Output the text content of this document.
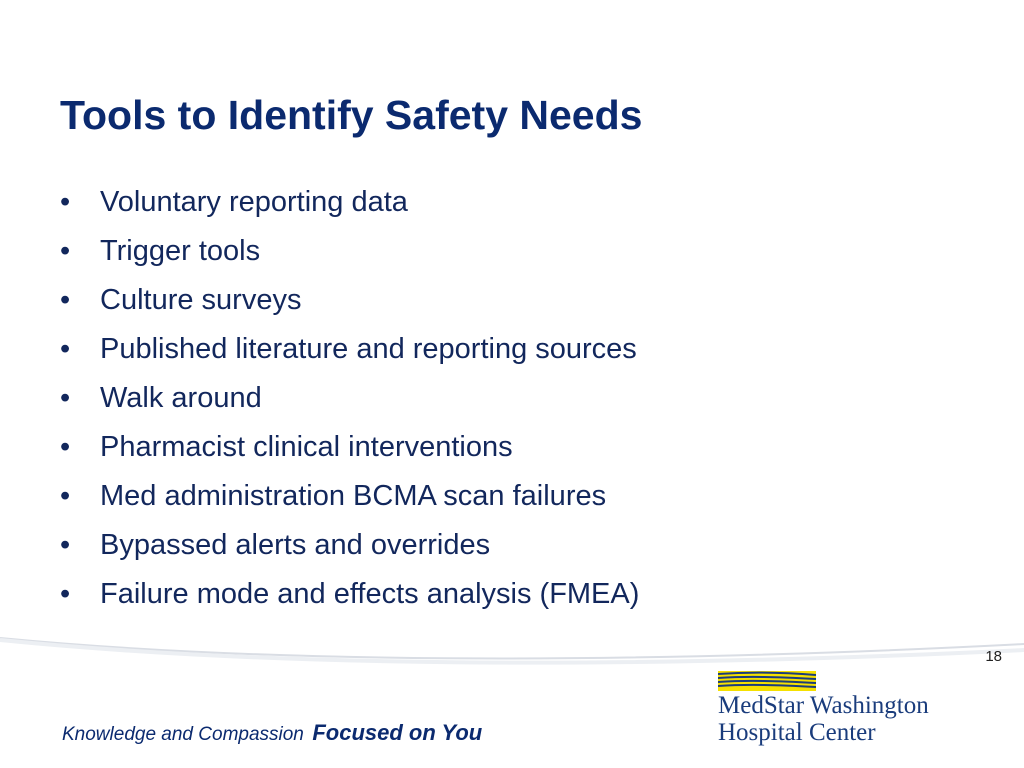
Tools to Identify Safety Needs
•	Voluntary reporting data
•	Trigger tools
•	Culture surveys
•	Published literature and reporting sources
•	Walk around
•	Pharmacist clinical interventions
•	Med administration BCMA scan failures
•	Bypassed alerts and overrides
•	Failure mode and effects analysis (FMEA)
18
Knowledge and Compassion Focused on You
MedStar Washington
Hospital Center
